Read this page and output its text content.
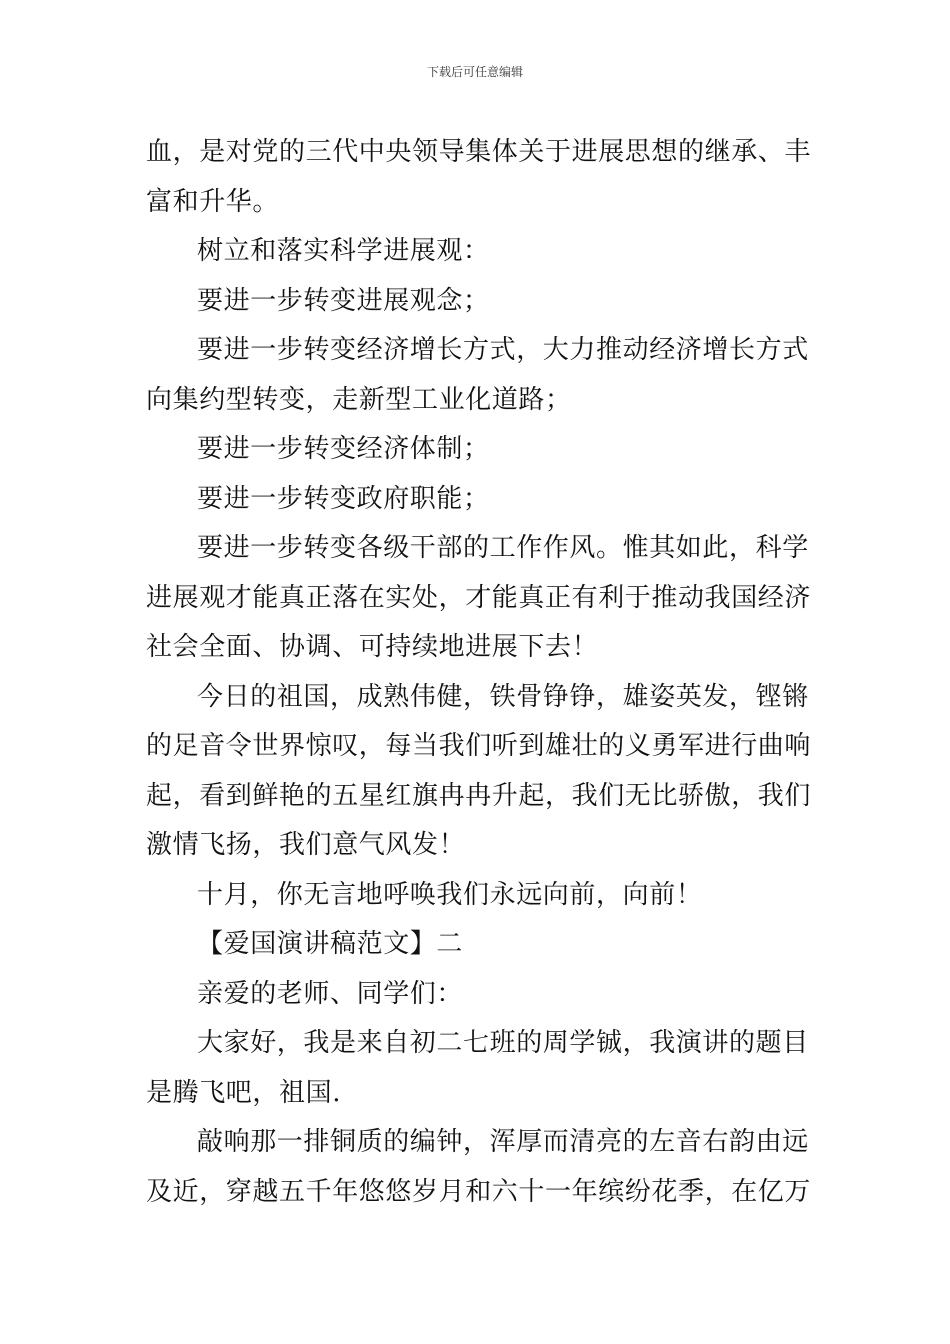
下载后可任意编辑
血，是对党的三代中央领导集体关于进展思想的继承、丰
富和升华。
树立和落实科学进展观：
要进一步转变进展观念；
要进一步转变经济增长方式，大力推动经济增长方式
向集约型转变，走新型工业化道路；
要进一步转变经济体制；
要进一步转变政府职能；
要进一步转变各级干部的工作作风。惟其如此，科学
进展观才能真正落在实处，才能真正有利于推动我国经济
社会全面、协调、可持续地进展下去！
今日的祖国，成熟伟健，铁骨铮铮，雄姿英发，铿锵
的足音令世界惊叹，每当我们听到雄壮的义勇军进行曲响
起，看到鲜艳的五星红旗冉冉升起，我们无比骄傲，我们
激情飞扬，我们意气风发！
十月，你无言地呼唤我们永远向前，向前！
【爱国演讲稿范文】二
亲爱的老师、同学们：
大家好，我是来自初二七班的周学铖，我演讲的题目
是腾飞吧，祖国.
敲响那一排铜质的编钟，浑厚而清亮的左音右韵由远
及近，穿越五千年悠悠岁月和六十一年缤纷花季，在亿万
